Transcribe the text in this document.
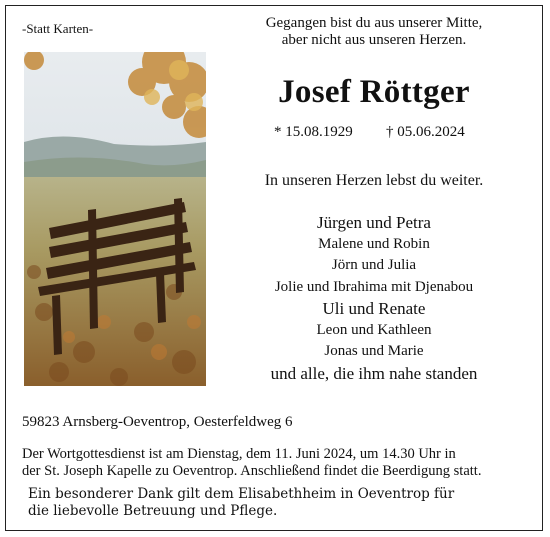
-Statt Karten-	Gegangen bist du aus unserer Mitte,
aber nicht aus unseren Herzen.
Josef Röttger
* 15.08.1929 † 05.06.2024
In unseren Herzen lebst du weiter.
Jürgen und Petra
Malene und Robin
Jörn und Julia
Jolie und Ibrahima mit Djenabou
Uli und Renate
Leon und Kathleen
Jonas und Marie
und alle, die ihm nahe standen
59823 Arnsberg-Oeventrop, Oesterfeldweg 6
Der Wortgottesdienst ist am Dienstag, dem 11. Juni 2024, um 14.30 Uhr in
der St. Joseph Kapelle zu Oeventrop. Anschließend findet die Beerdigung statt.
Ein besonderer Dank gilt dem Elisabethheim in Oeventrop für
die liebevolle Betreuung und Pflege.
